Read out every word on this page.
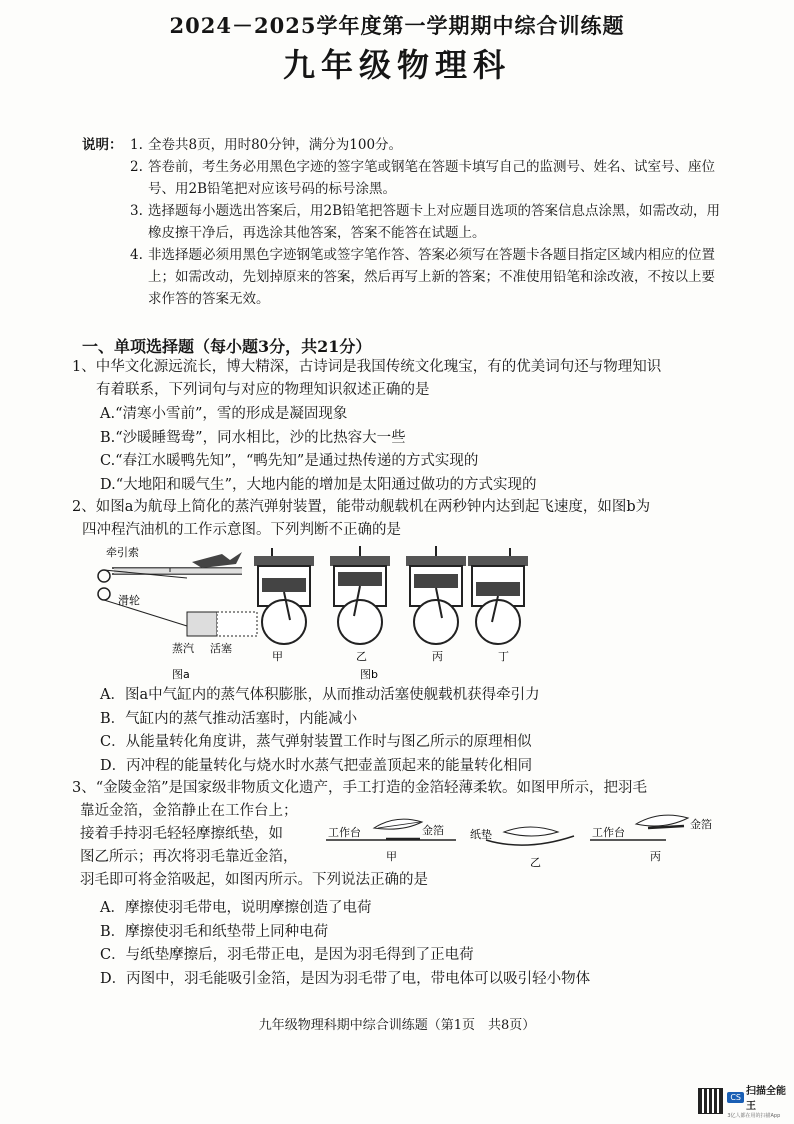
2024－2025学年度第一学期期中综合训练题
九年级物理科
说明： 1. 全卷共8页，用时80分钟，满分为100分。
2. 答卷前，考生务必用黑色字迹的签字笔或钢笔在答题卡填写自己的监测号、姓名、试室号、座位号、用2B铅笔把对应该号码的标号涂黑。
3. 选择题每小题选出答案后，用2B铅笔把答题卡上对应题目选项的答案信息点涂黑，如需改动，用橡皮擦干净后，再选涂其他答案，答案不能答在试题上。
4. 非选择题必须用黑色字迹钢笔或签字笔作答、答案必须写在答题卡各题目指定区域内相应的位置上；如需改动，先划掉原来的答案，然后再写上新的答案；不准使用铅笔和涂改液，不按以上要求作答的答案无效。
一、单项选择题（每小题3分，共21分）
1、中华文化源远流长，博大精深，古诗词是我国传统文化瑰宝，有的优美词句还与物理知识
有着联系，下列词句与对应的物理知识叙述正确的是
A.“清寒小雪前”，雪的形成是凝固现象
B.“沙暖睡鸳鸯”，同水相比，沙的比热容大一些
C.“春江水暖鸭先知”，“鸭先知”是通过热传递的方式实现的
D.“大地阳和暖气生”，大地内能的增加是太阳通过做功的方式实现的
2、如图a为航母上简化的蒸汽弹射装置，能带动舰载机在两秒钟内达到起飞速度，如图b为
四冲程汽油机的工作示意图。下列判断不正确的是
牵引索
滑轮
蒸汽 活塞
图a
甲	乙	丙	丁
图b
A．图a中气缸内的蒸气体积膨胀，从而推动活塞使舰载机获得牵引力
B．气缸内的蒸气推动活塞时，内能减小
C．从能量转化角度讲，蒸气弹射装置工作时与图乙所示的原理相似
D．丙冲程的能量转化与烧水时水蒸气把壶盖顶起来的能量转化相同
3、“金陵金箔”是国家级非物质文化遗产，手工打造的金箔轻薄柔软。如图甲所示，把羽毛
靠近金箔，金箔静止在工作台上；
接着手持羽毛轻轻摩擦纸垫，如
图乙所示；再次将羽毛靠近金箔，
羽毛即可将金箔吸起，如图丙所示。下列说法正确的是
工作台	金箔
甲
纸垫
乙
工作台
金箔
丙
A．摩擦使羽毛带电，说明摩擦创造了电荷
B．摩擦使羽毛和纸垫带上同种电荷
C．与纸垫摩擦后，羽毛带正电，是因为羽毛得到了正电荷
D．丙图中，羽毛能吸引金箔，是因为羽毛带了电，带电体可以吸引轻小物体
九年级物理科期中综合训练题（第1页　共8页）
CS 扫描全能王
3亿人都在用的扫描App
